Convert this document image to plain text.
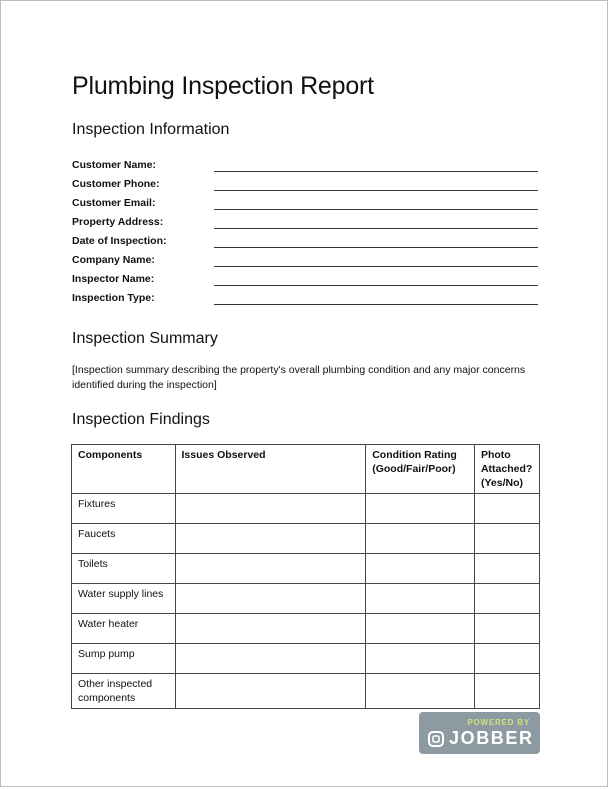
Plumbing Inspection Report
Inspection Information
Customer Name:
Customer Phone:
Customer Email:
Property Address:
Date of Inspection:
Company Name:
Inspector Name:
Inspection Type:
Inspection Summary
[Inspection summary describing the property's overall plumbing condition and any major concerns identified during the inspection]
Inspection Findings
Components	Issues Observed	Condition Rating (Good/Fair/Poor)	Photo Attached? (Yes/No)
Fixtures			
Faucets			
Toilets			
Water supply lines			
Water heater			
Sump pump			
Other inspected components			
POWERED BY
JOBBER
